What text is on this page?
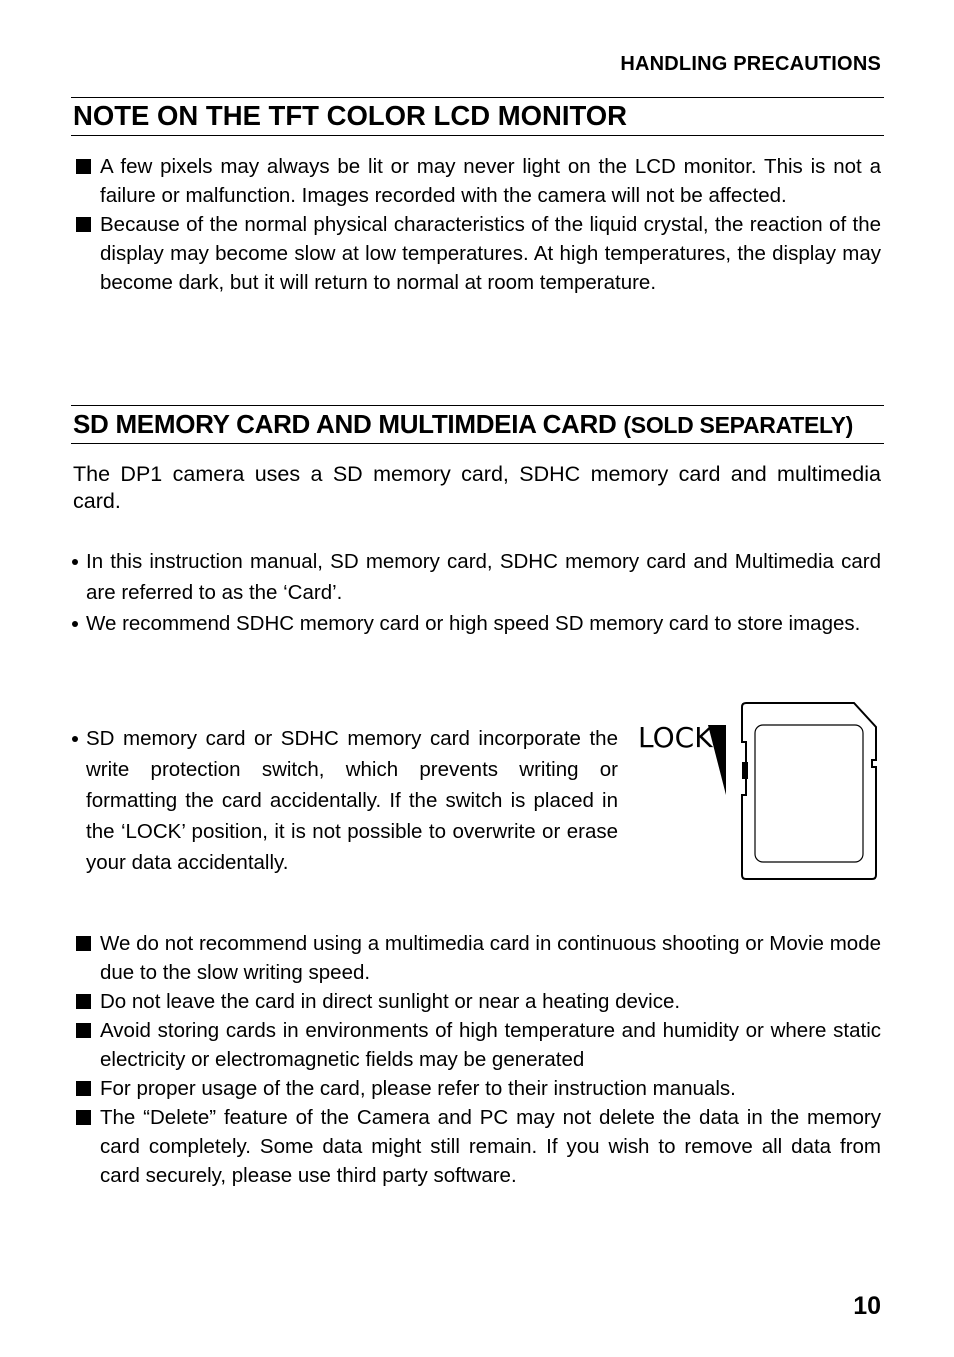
HANDLING PRECAUTIONS
NOTE ON THE TFT COLOR LCD MONITOR
A few pixels may always be lit or may never light on the LCD monitor. This is not a failure or malfunction. Images recorded with the camera will not be affected.
Because of the normal physical characteristics of the liquid crystal, the reaction of the display may become slow at low temperatures. At high temperatures, the display may become dark, but it will return to normal at room temperature.
SD MEMORY CARD AND MULTIMDEIA CARD (SOLD SEPARATELY)

The DP1 camera uses a SD memory card, SDHC memory card and multimedia card.

In this instruction manual, SD memory card, SDHC memory card and Multimedia card are referred to as the ‘Card’.
We recommend SDHC memory card or high speed SD memory card to store images.
SD memory card or SDHC memory card incorporate the write protection switch, which prevents writing or formatting the card accidentally. If the switch is placed in the ‘LOCK’ position, it is not possible to overwrite or erase your data accidentally.
LOCK
We do not recommend using a multimedia card in continuous shooting or Movie mode due to the slow writing speed.
Do not leave the card in direct sunlight or near a heating device.
Avoid storing cards in environments of high temperature and humidity or where static electricity or electromagnetic fields may be generated
For proper usage of the card, please refer to their instruction manuals.
The “Delete” feature of the Camera and PC may not delete the data in the memory card completely. Some data might still remain. If you wish to remove all data from card securely, please use third party software.
10
